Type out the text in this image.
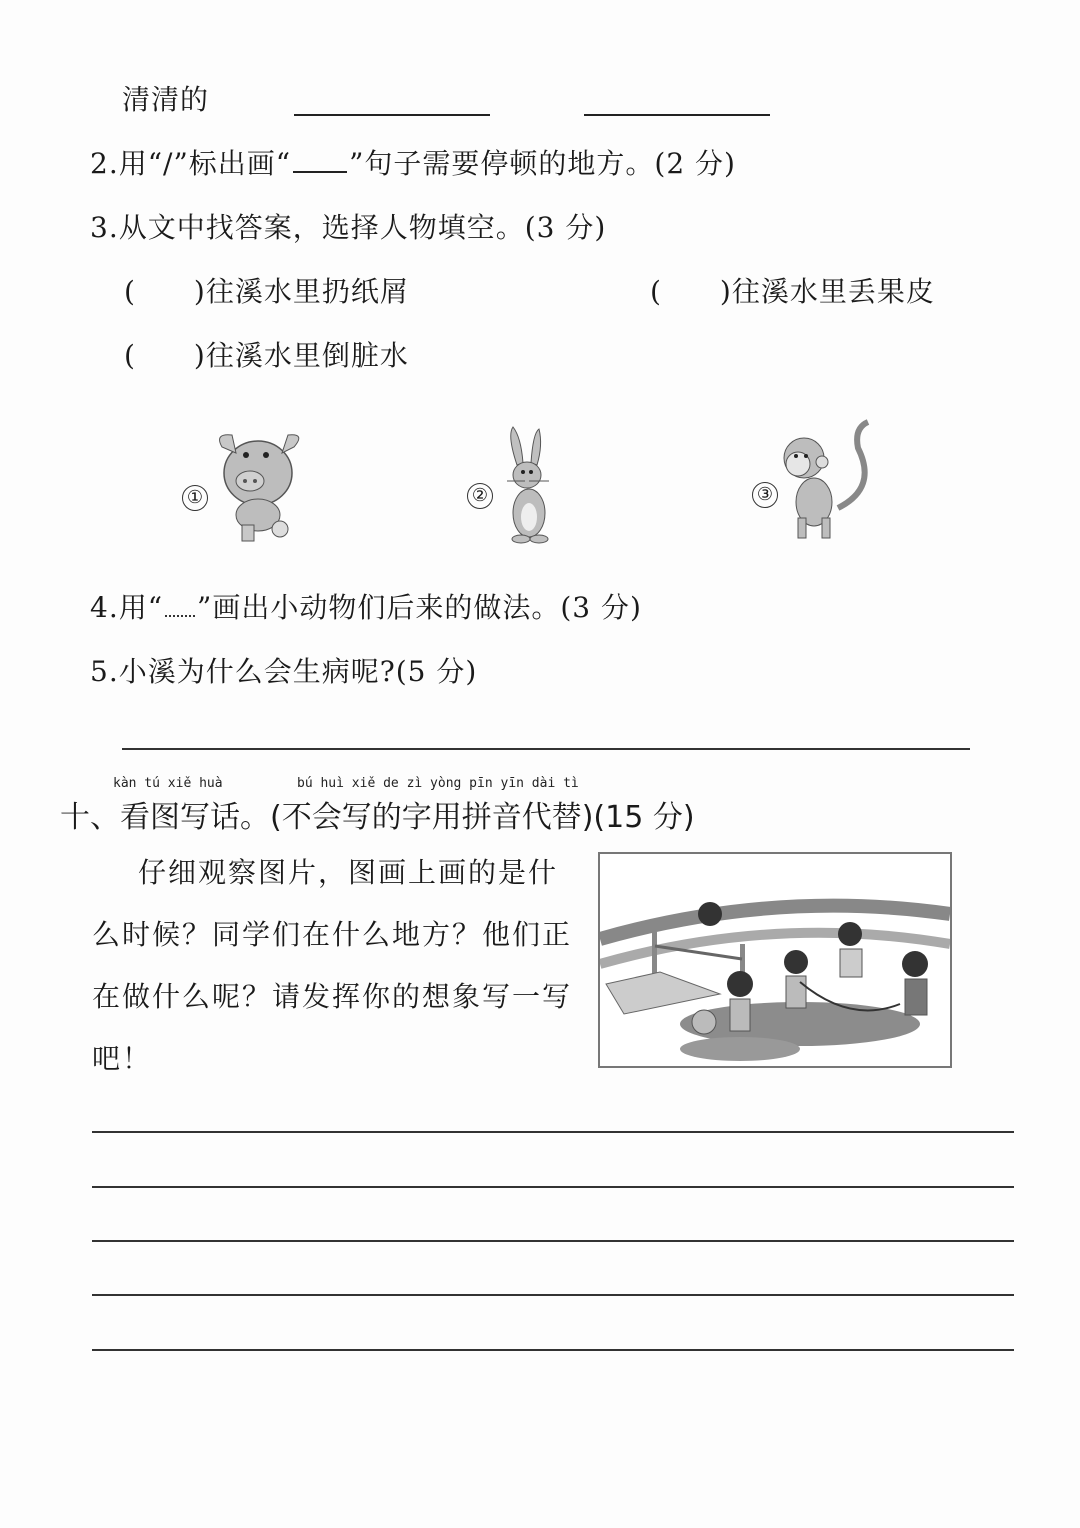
清清的
2.用“/”标出画“ ”句子需要停顿的地方。(2 分)
3.从文中找答案，选择人物填空。(3 分)
(　　)往溪水里扔纸屑	(　　)往溪水里丢果皮
(　　)往溪水里倒脏水
①	②	③
4.用“ ”画出小动物们后来的做法。(3 分)
5.小溪为什么会生病呢?(5 分)
kàn tú xiě huà	bú huì xiě de zì yòng pīn yīn dài tì
十、看图写话。(不会写的字用拼音代替)(15 分)
仔细观察图片，图画上画的是什么时候？同学们在什么地方？他们正在做什么呢？请发挥你的想象写一写吧！
